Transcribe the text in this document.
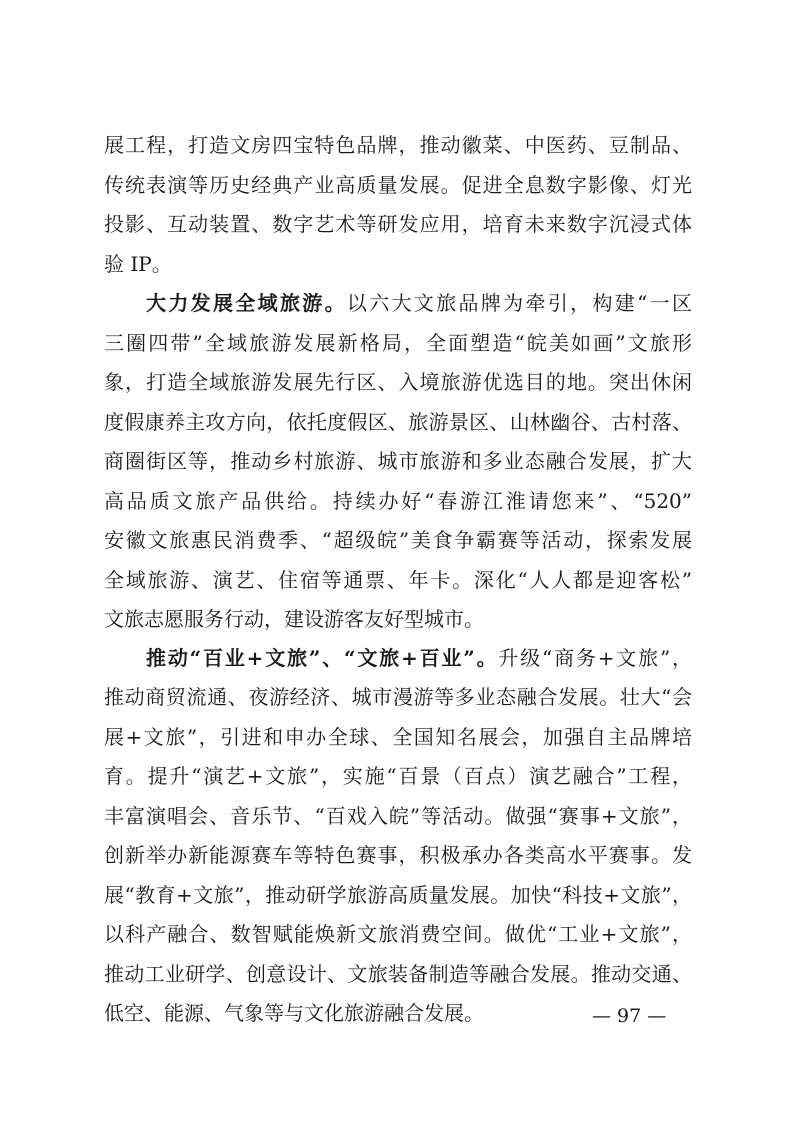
展工程，打造文房四宝特色品牌，推动徽菜、中医药、豆制品、
传统表演等历史经典产业高质量发展。促进全息数字影像、灯光
投影、互动装置、数字艺术等研发应用，培育未来数字沉浸式体
验 IP。
大力发展全域旅游。以六大文旅品牌为牵引，构建“一区
三圈四带”全域旅游发展新格局，全面塑造“皖美如画”文旅形
象，打造全域旅游发展先行区、入境旅游优选目的地。突出休闲
度假康养主攻方向，依托度假区、旅游景区、山林幽谷、古村落、
商圈街区等，推动乡村旅游、城市旅游和多业态融合发展，扩大
高品质文旅产品供给。持续办好“春游江淮请您来”、“520”
安徽文旅惠民消费季、“超级皖”美食争霸赛等活动，探索发展
全域旅游、演艺、住宿等通票、年卡。深化“人人都是迎客松”
文旅志愿服务行动，建设游客友好型城市。
推动“百业+文旅”、“文旅+百业”。升级“商务+文旅”，
推动商贸流通、夜游经济、城市漫游等多业态融合发展。壮大“会
展+文旅”，引进和申办全球、全国知名展会，加强自主品牌培
育。提升“演艺+文旅”，实施“百景（百点）演艺融合”工程，
丰富演唱会、音乐节、“百戏入皖”等活动。做强“赛事+文旅”，
创新举办新能源赛车等特色赛事，积极承办各类高水平赛事。发
展“教育+文旅”，推动研学旅游高质量发展。加快“科技+文旅”，
以科产融合、数智赋能焕新文旅消费空间。做优“工业+文旅”，
推动工业研学、创意设计、文旅装备制造等融合发展。推动交通、
低空、能源、气象等与文化旅游融合发展。	— 97 —
